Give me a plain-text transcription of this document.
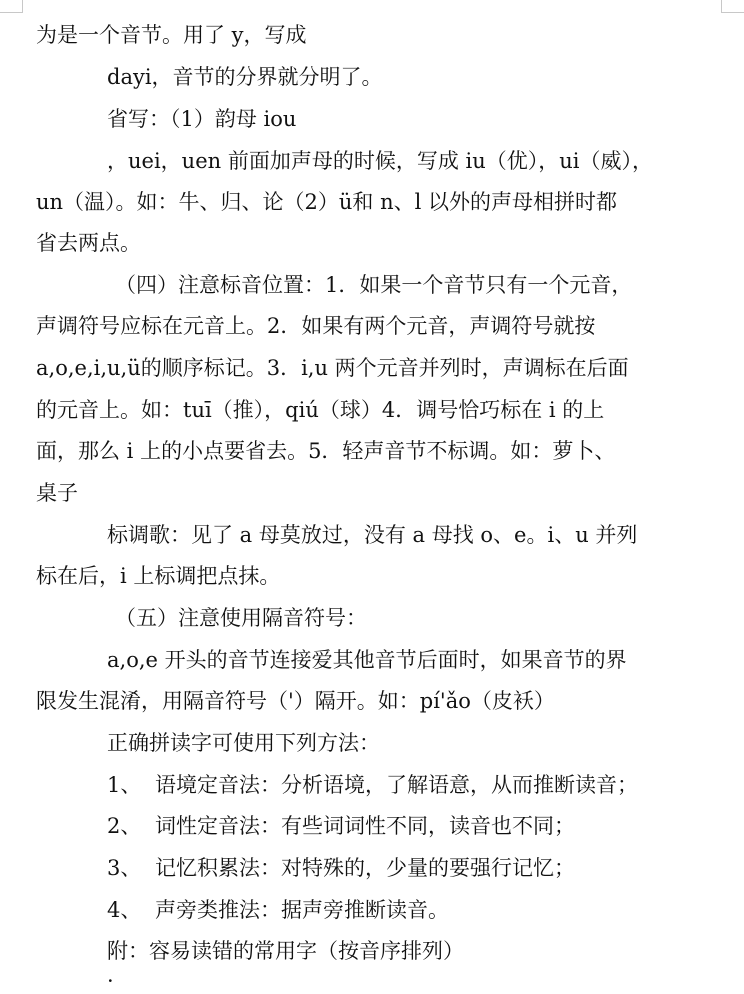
为是一个音节。用了 y，写成
dayi，音节的分界就分明了。
省写：（1）韵母 iou
，uei，uen 前面加声母的时候，写成 iu（优），ui（威），
un（温）。如：牛、归、论（2）ü和 n、l 以外的声母相拼时都
省去两点。
（四）注意标音位置：1．如果一个音节只有一个元音，
声调符号应标在元音上。2．如果有两个元音，声调符号就按
a,o,e,i,u,ü的顺序标记。3．i,u 两个元音并列时，声调标在后面
的元音上。如：tuī（推），qiú（球）4．调号恰巧标在 i 的上
面，那么 i 上的小点要省去。5．轻声音节不标调。如：萝卜、
桌子
标调歌：见了 a 母莫放过，没有 a 母找 o、e。i、u 并列
标在后，i 上标调把点抹。
（五）注意使用隔音符号：
a,o,e 开头的音节连接爱其他音节后面时，如果音节的界
限发生混淆，用隔音符号（'）隔开。如：pí'ǎo（皮袄）
正确拼读字可使用下列方法：
1、 语境定音法：分析语境，了解语意，从而推断读音；
2、 词性定音法：有些词词性不同，读音也不同；
3、 记忆积累法：对特殊的，少量的要强行记忆；
4、 声旁类推法：据声旁推断读音。
附：容易读错的常用字（按音序排列）
·
